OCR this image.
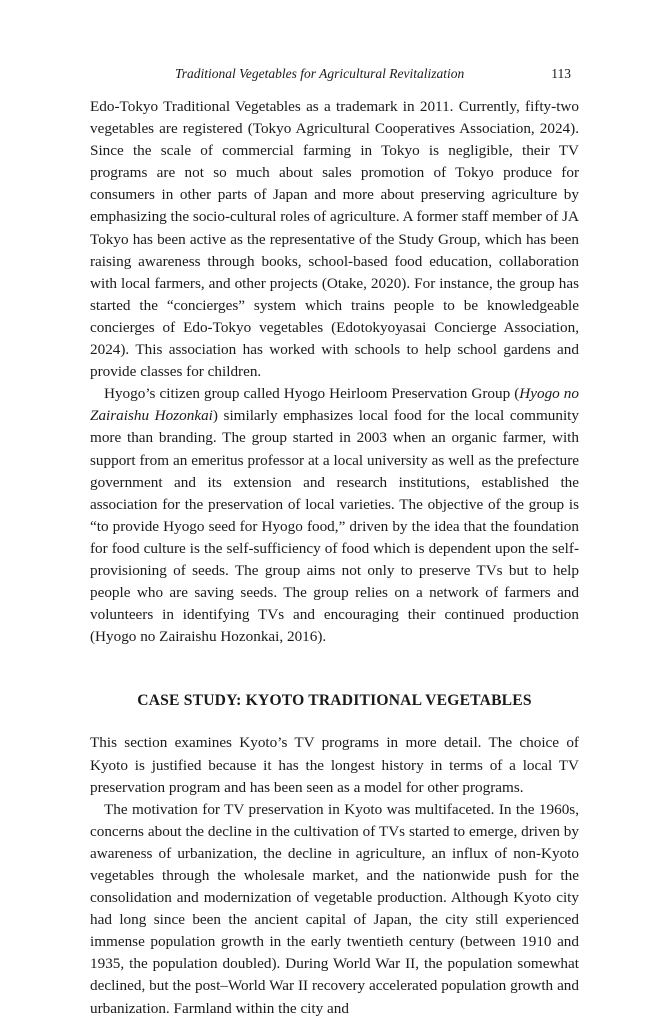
Traditional Vegetables for Agricultural Revitalization	113

Edo-Tokyo Traditional Vegetables as a trademark in 2011. Currently, fifty-two vegetables are registered (Tokyo Agricultural Cooperatives Association, 2024). Since the scale of commercial farming in Tokyo is negligible, their TV programs are not so much about sales promotion of Tokyo produce for consumers in other parts of Japan and more about preserving agriculture by emphasizing the socio-cultural roles of agriculture. A former staff member of JA Tokyo has been active as the representative of the Study Group, which has been raising awareness through books, school-based food education, collaboration with local farmers, and other projects (Otake, 2020). For instance, the group has started the “concierges” system which trains people to be knowledgeable concierges of Edo-Tokyo vegetables (Edotokyoyasai Concierge Association, 2024). This association has worked with schools to help school gardens and provide classes for children.

Hyogo’s citizen group called Hyogo Heirloom Preservation Group (Hyogo no Zairaishu Hozonkai) similarly emphasizes local food for the local community more than branding. The group started in 2003 when an organic farmer, with support from an emeritus professor at a local university as well as the prefecture government and its extension and research institutions, established the association for the preservation of local varieties. The objective of the group is “to provide Hyogo seed for Hyogo food,” driven by the idea that the foundation for food culture is the self-sufficiency of food which is dependent upon the self-provisioning of seeds. The group aims not only to preserve TVs but to help people who are saving seeds. The group relies on a network of farmers and volunteers in identifying TVs and encouraging their continued production (Hyogo no Zairaishu Hozonkai, 2016).

CASE STUDY: KYOTO TRADITIONAL VEGETABLES

This section examines Kyoto’s TV programs in more detail. The choice of Kyoto is justified because it has the longest history in terms of a local TV preservation program and has been seen as a model for other programs.

The motivation for TV preservation in Kyoto was multifaceted. In the 1960s, concerns about the decline in the cultivation of TVs started to emerge, driven by awareness of urbanization, the decline in agriculture, an influx of non-Kyoto vegetables through the wholesale market, and the nationwide push for the consolidation and modernization of vegetable production. Although Kyoto city had long since been the ancient capital of Japan, the city still experienced immense population growth in the early twentieth century (between 1910 and 1935, the population doubled). During World War II, the population somewhat declined, but the post–World War II recovery accelerated population growth and urbanization. Farmland within the city and
